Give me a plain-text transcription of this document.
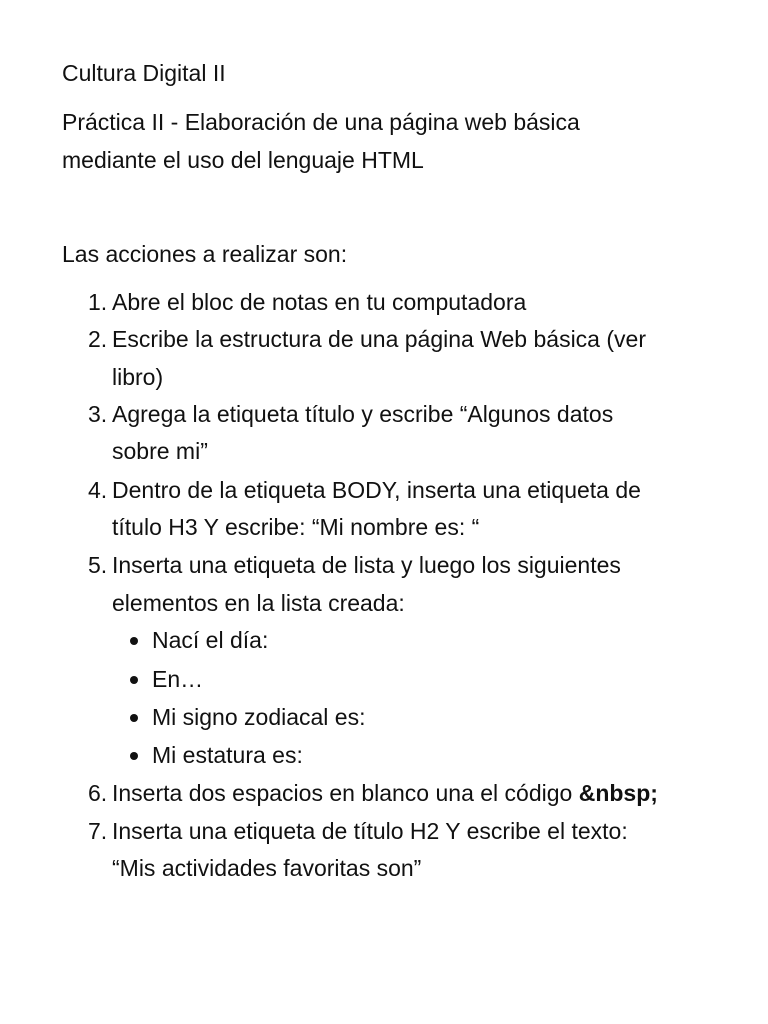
Cultura Digital II
Práctica II - Elaboración de una página web básica
mediante el uso del lenguaje HTML
Las acciones a realizar son:
1. Abre el bloc de notas en tu computadora
2. Escribe la estructura de una página Web básica (ver
libro)
3. Agrega la etiqueta título y escribe “Algunos datos
sobre mi”
4. Dentro de la etiqueta BODY, inserta una etiqueta de
título H3 Y escribe: “Mi nombre es: “
5. Inserta una etiqueta de lista y luego los siguientes
elementos en la lista creada:
Nací el día:
En…
Mi signo zodiacal es:
Mi estatura es:
6. Inserta dos espacios en blanco una el código &nbsp;
7. Inserta una etiqueta de título H2 Y escribe el texto:
“Mis actividades favoritas son”
